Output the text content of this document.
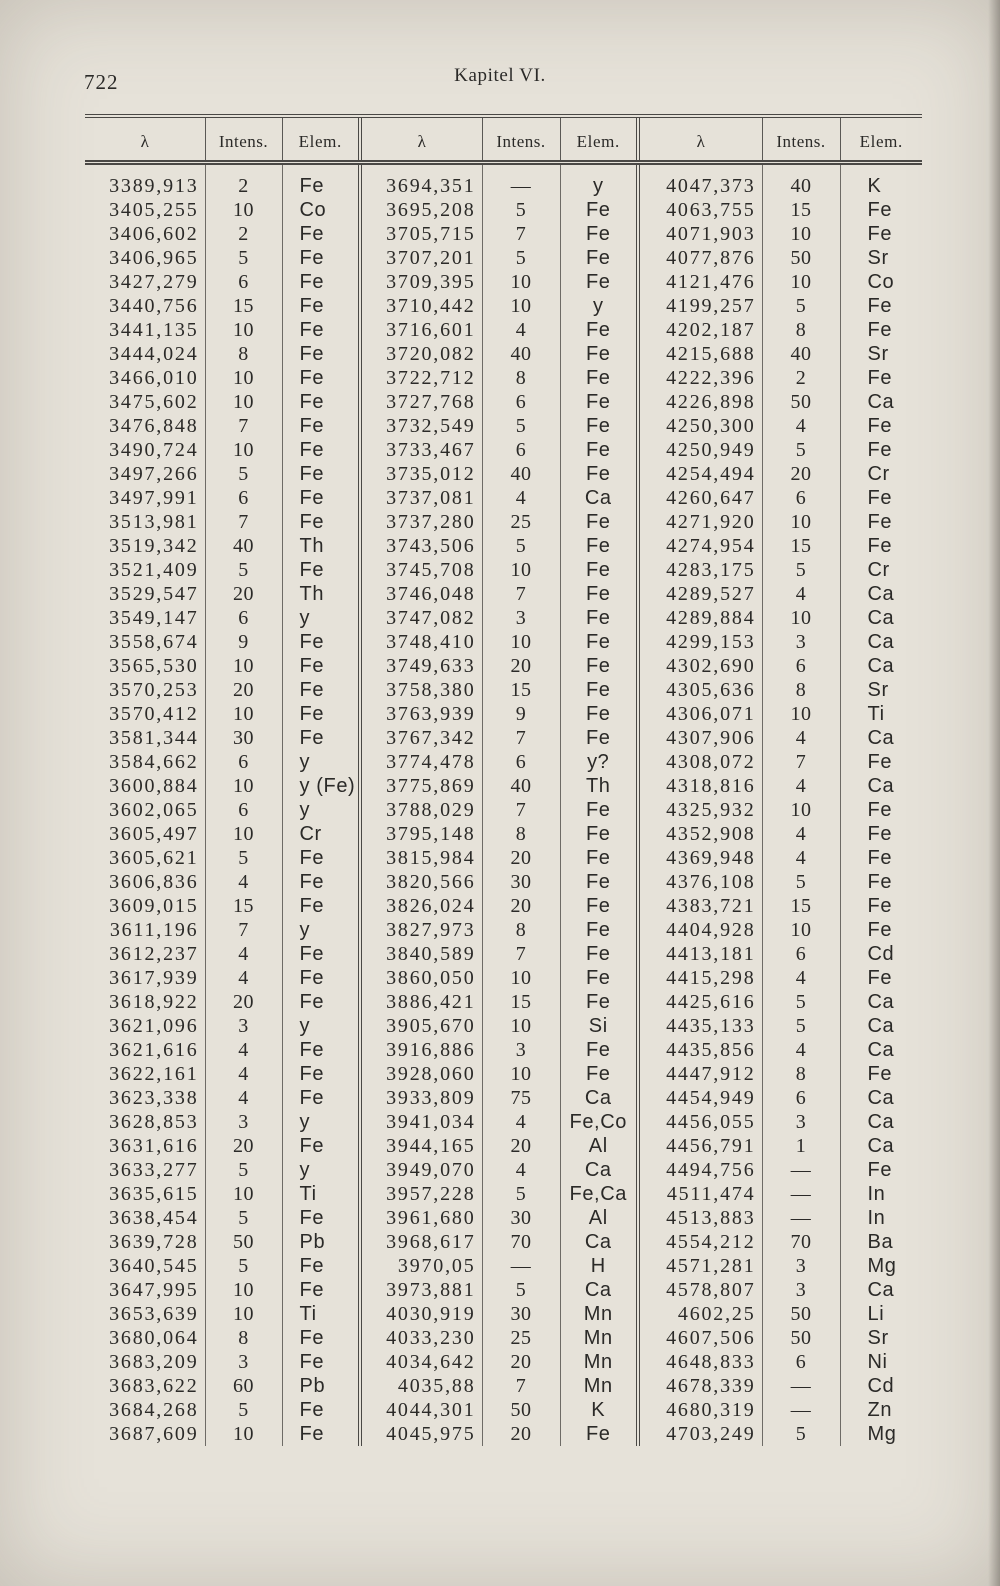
722	Kapitel VI.
λ	Intens.	Elem.	λ	Intens.	Elem.	λ	Intens.	Elem.
3389,913	2	Fe	3694,351	—	y	4047,373	40	K
3405,255	10	Co	3695,208	5	Fe	4063,755	15	Fe
3406,602	2	Fe	3705,715	7	Fe	4071,903	10	Fe
3406,965	5	Fe	3707,201	5	Fe	4077,876	50	Sr
3427,279	6	Fe	3709,395	10	Fe	4121,476	10	Co
3440,756	15	Fe	3710,442	10	y	4199,257	5	Fe
3441,135	10	Fe	3716,601	4	Fe	4202,187	8	Fe
3444,024	8	Fe	3720,082	40	Fe	4215,688	40	Sr
3466,010	10	Fe	3722,712	8	Fe	4222,396	2	Fe
3475,602	10	Fe	3727,768	6	Fe	4226,898	50	Ca
3476,848	7	Fe	3732,549	5	Fe	4250,300	4	Fe
3490,724	10	Fe	3733,467	6	Fe	4250,949	5	Fe
3497,266	5	Fe	3735,012	40	Fe	4254,494	20	Cr
3497,991	6	Fe	3737,081	4	Ca	4260,647	6	Fe
3513,981	7	Fe	3737,280	25	Fe	4271,920	10	Fe
3519,342	40	Th	3743,506	5	Fe	4274,954	15	Fe
3521,409	5	Fe	3745,708	10	Fe	4283,175	5	Cr
3529,547	20	Th	3746,048	7	Fe	4289,527	4	Ca
3549,147	6	y	3747,082	3	Fe	4289,884	10	Ca
3558,674	9	Fe	3748,410	10	Fe	4299,153	3	Ca
3565,530	10	Fe	3749,633	20	Fe	4302,690	6	Ca
3570,253	20	Fe	3758,380	15	Fe	4305,636	8	Sr
3570,412	10	Fe	3763,939	9	Fe	4306,071	10	Ti
3581,344	30	Fe	3767,342	7	Fe	4307,906	4	Ca
3584,662	6	y	3774,478	6	y?	4308,072	7	Fe
3600,884	10	y (Fe)	3775,869	40	Th	4318,816	4	Ca
3602,065	6	y	3788,029	7	Fe	4325,932	10	Fe
3605,497	10	Cr	3795,148	8	Fe	4352,908	4	Fe
3605,621	5	Fe	3815,984	20	Fe	4369,948	4	Fe
3606,836	4	Fe	3820,566	30	Fe	4376,108	5	Fe
3609,015	15	Fe	3826,024	20	Fe	4383,721	15	Fe
3611,196	7	y	3827,973	8	Fe	4404,928	10	Fe
3612,237	4	Fe	3840,589	7	Fe	4413,181	6	Cd
3617,939	4	Fe	3860,050	10	Fe	4415,298	4	Fe
3618,922	20	Fe	3886,421	15	Fe	4425,616	5	Ca
3621,096	3	y	3905,670	10	Si	4435,133	5	Ca
3621,616	4	Fe	3916,886	3	Fe	4435,856	4	Ca
3622,161	4	Fe	3928,060	10	Fe	4447,912	8	Fe
3623,338	4	Fe	3933,809	75	Ca	4454,949	6	Ca
3628,853	3	y	3941,034	4	Fe,Co	4456,055	3	Ca
3631,616	20	Fe	3944,165	20	Al	4456,791	1	Ca
3633,277	5	y	3949,070	4	Ca	4494,756	—	Fe
3635,615	10	Ti	3957,228	5	Fe,Ca	4511,474	—	In
3638,454	5	Fe	3961,680	30	Al	4513,883	—	In
3639,728	50	Pb	3968,617	70	Ca	4554,212	70	Ba
3640,545	5	Fe	3970,05	—	H	4571,281	3	Mg
3647,995	10	Fe	3973,881	5	Ca	4578,807	3	Ca
3653,639	10	Ti	4030,919	30	Mn	4602,25	50	Li
3680,064	8	Fe	4033,230	25	Mn	4607,506	50	Sr
3683,209	3	Fe	4034,642	20	Mn	4648,833	6	Ni
3683,622	60	Pb	4035,88	7	Mn	4678,339	—	Cd
3684,268	5	Fe	4044,301	50	K	4680,319	—	Zn
3687,609	10	Fe	4045,975	20	Fe	4703,249	5	Mg
